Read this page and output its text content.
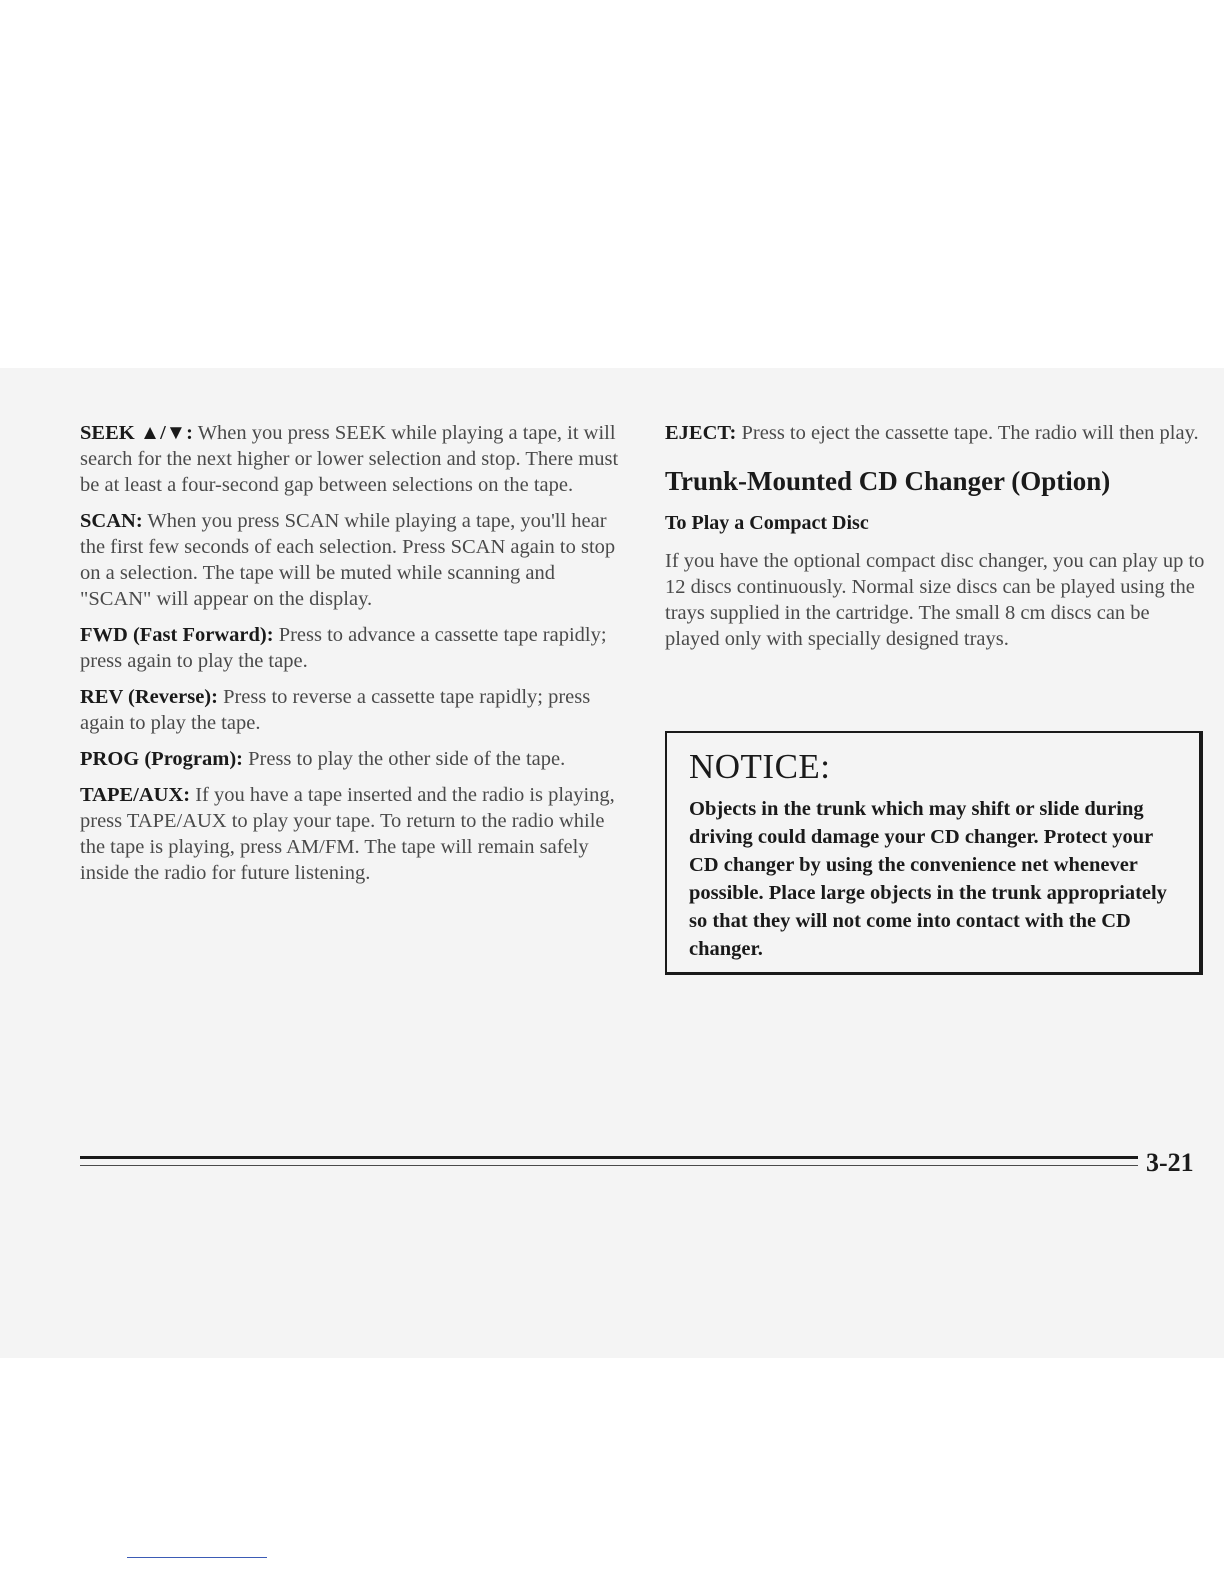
SEEK ▲/▼: When you press SEEK while playing a tape, it will search for the next higher or lower selection and stop. There must be at least a four-second gap between selections on the tape.

SCAN: When you press SCAN while playing a tape, you'll hear the first few seconds of each selection. Press SCAN again to stop on a selection. The tape will be muted while scanning and "SCAN" will appear on the display.

FWD (Fast Forward): Press to advance a cassette tape rapidly; press again to play the tape.

REV (Reverse): Press to reverse a cassette tape rapidly; press again to play the tape.

PROG (Program): Press to play the other side of the tape.

TAPE/AUX: If you have a tape inserted and the radio is playing, press TAPE/AUX to play your tape. To return to the radio while the tape is playing, press AM/FM. The tape will remain safely inside the radio for future listening.

EJECT: Press to eject the cassette tape. The radio will then play.

Trunk-Mounted CD Changer (Option)
To Play a Compact Disc

If you have the optional compact disc changer, you can play up to 12 discs continuously. Normal size discs can be played using the trays supplied in the cartridge. The small 8 cm discs can be played only with specially designed trays.

NOTICE:

Objects in the trunk which may shift or slide during driving could damage your CD changer. Protect your CD changer by using the convenience net whenever possible. Place large objects in the trunk appropriately so that they will not come into contact with the CD changer.

3-21
